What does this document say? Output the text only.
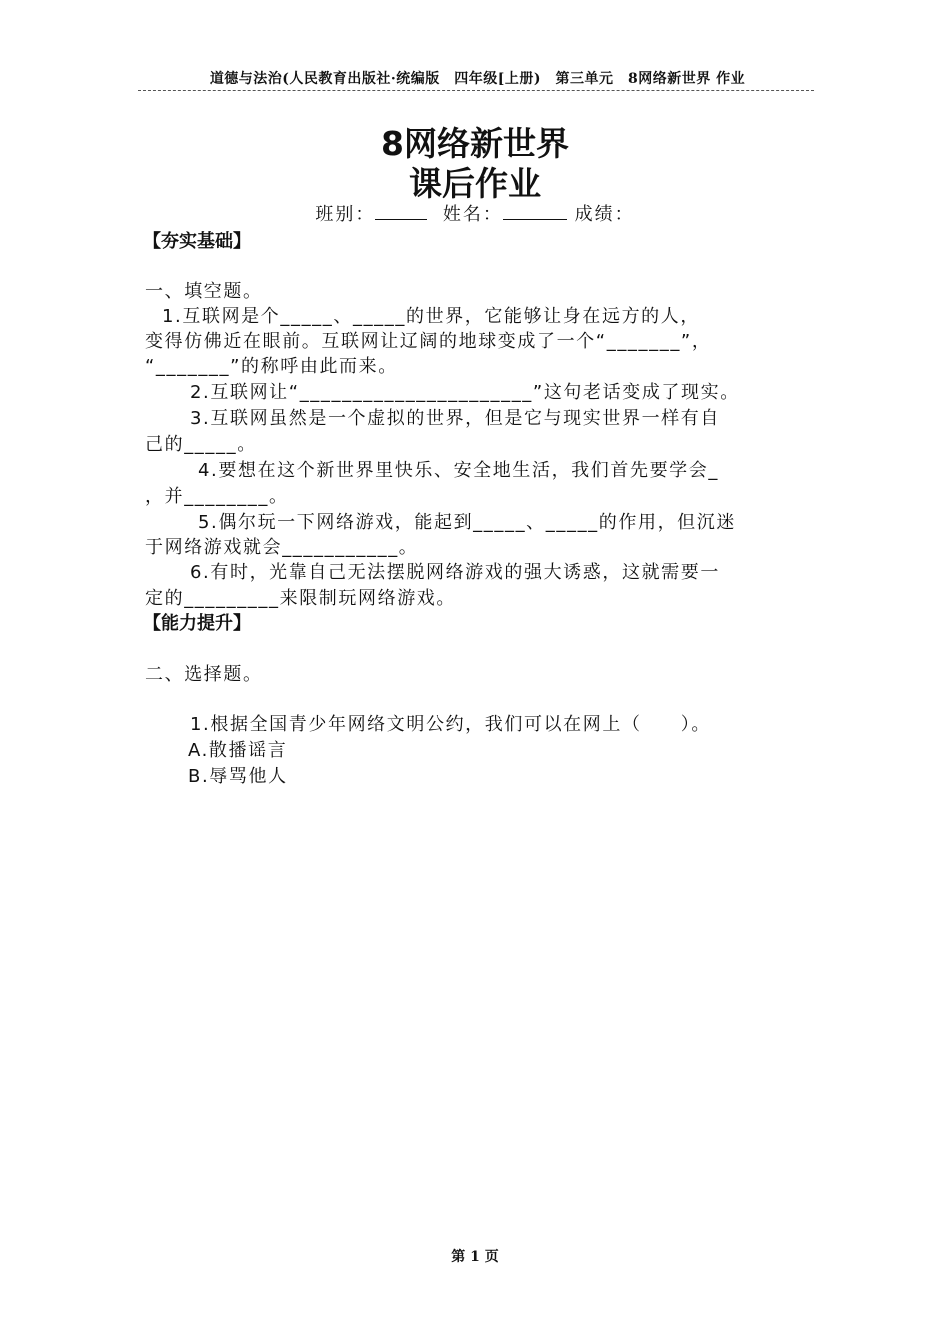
道德与法治(人民教育出版社·统编版　四年级[上册)　第三单元　8网络新世界 作业
8网络新世界
课后作业
班别：	姓名：	成绩：
【夯实基础】
一、填空题。
1.互联网是个_____、_____的世界，它能够让身在远方的人，
变得仿佛近在眼前。互联网让辽阔的地球变成了一个“_______”，
“_______”的称呼由此而来。
2.互联网让“______________________”这句老话变成了现实。
3.互联网虽然是一个虚拟的世界，但是它与现实世界一样有自
己的_____。
4.要想在这个新世界里快乐、安全地生活，我们首先要学会_
，并________。
5.偶尔玩一下网络游戏，能起到_____、_____的作用，但沉迷
于网络游戏就会___________。
6.有时，光靠自己无法摆脱网络游戏的强大诱惑，这就需要一
定的_________来限制玩网络游戏。
【能力提升】
二、选择题。
1.根据全国青少年网络文明公约，我们可以在网上（　　）。
A.散播谣言
B.辱骂他人
第 1 页
